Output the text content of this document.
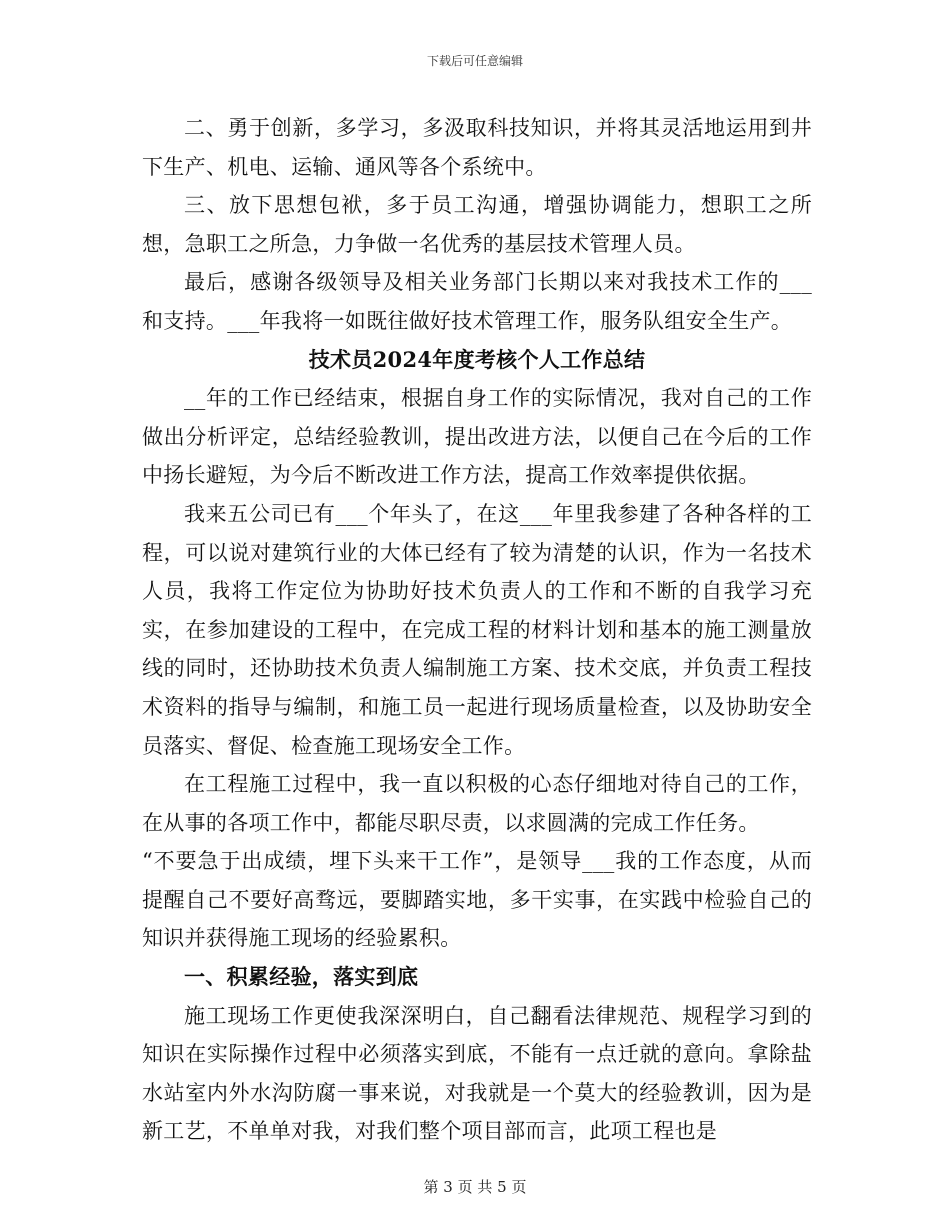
下载后可任意编辑

二、勇于创新，多学习，多汲取科技知识，并将其灵活地运用到井下生产、机电、运输、通风等各个系统中。

三、放下思想包袱，多于员工沟通，增强协调能力，想职工之所想，急职工之所急，力争做一名优秀的基层技术管理人员。

最后，感谢各级领导及相关业务部门长期以来对我技术工作的___和支持。___年我将一如既往做好技术管理工作，服务队组安全生产。

技术员2024年度考核个人工作总结

__年的工作已经结束，根据自身工作的实际情况，我对自己的工作做出分析评定，总结经验教训，提出改进方法，以便自己在今后的工作中扬长避短，为今后不断改进工作方法，提高工作效率提供依据。

我来五公司已有___个年头了，在这___年里我参建了各种各样的工程，可以说对建筑行业的大体已经有了较为清楚的认识，作为一名技术人员，我将工作定位为协助好技术负责人的工作和不断的自我学习充实，在参加建设的工程中，在完成工程的材料计划和基本的施工测量放线的同时，还协助技术负责人编制施工方案、技术交底，并负责工程技术资料的指导与编制，和施工员一起进行现场质量检查，以及协助安全员落实、督促、检查施工现场安全工作。

在工程施工过程中，我一直以积极的心态仔细地对待自己的工作，在从事的各项工作中，都能尽职尽责，以求圆满的完成工作任务。

“不要急于出成绩，埋下头来干工作”，是领导___我的工作态度，从而提醒自己不要好高骛远，要脚踏实地，多干实事，在实践中检验自己的知识并获得施工现场的经验累积。

一、积累经验，落实到底

施工现场工作更使我深深明白，自己翻看法律规范、规程学习到的知识在实际操作过程中必须落实到底，不能有一点迁就的意向。拿除盐水站室内外水沟防腐一事来说，对我就是一个莫大的经验教训，因为是新工艺，不单单对我，对我们整个项目部而言，此项工程也是

第 3 页 共 5 页
